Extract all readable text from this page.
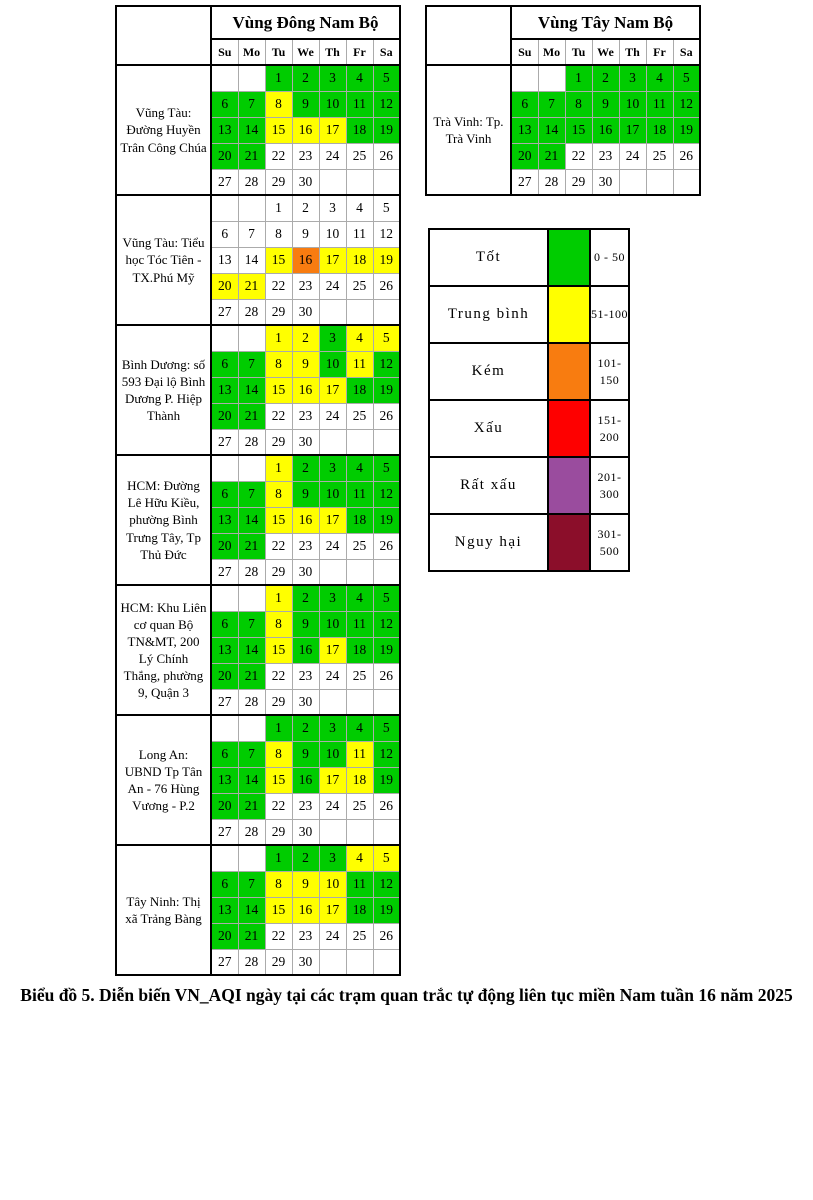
	Vùng Đông Nam Bộ						
	Su	Mo	Tu	We	Th	Fr	Sa
Vũng Tàu: Đường Huyền Trân Công Chúa			1	2	3	4	5
	6	7	8	9	10	11	12
	13	14	15	16	17	18	19
	20	21	22	23	24	25	26
	27	28	29	30			
Vũng Tàu: Tiểu học Tóc Tiên - TX.Phú Mỹ			1	2	3	4	5
	6	7	8	9	10	11	12
	13	14	15	16	17	18	19
	20	21	22	23	24	25	26
	27	28	29	30			
Bình Dương: số 593 Đại lộ Bình Dương P. Hiệp Thành			1	2	3	4	5
	6	7	8	9	10	11	12
	13	14	15	16	17	18	19
	20	21	22	23	24	25	26
	27	28	29	30			
HCM: Đường Lê Hữu Kiều, phường Bình Trưng Tây, Tp Thủ Đức			1	2	3	4	5
	6	7	8	9	10	11	12
	13	14	15	16	17	18	19
	20	21	22	23	24	25	26
	27	28	29	30			
HCM: Khu Liên cơ quan Bộ TN&MT, 200 Lý Chính Thắng, phường 9, Quận 3			1	2	3	4	5
	6	7	8	9	10	11	12
	13	14	15	16	17	18	19
	20	21	22	23	24	25	26
	27	28	29	30			
Long An: UBND Tp Tân An - 76 Hùng Vương - P.2			1	2	3	4	5
	6	7	8	9	10	11	12
	13	14	15	16	17	18	19
	20	21	22	23	24	25	26
	27	28	29	30			
Tây Ninh: Thị xã Trảng Bàng			1	2	3	4	5
	6	7	8	9	10	11	12
	13	14	15	16	17	18	19
	20	21	22	23	24	25	26
	27	28	29	30			
	Vùng Tây Nam Bộ						
	Su	Mo	Tu	We	Th	Fr	Sa
Trà Vinh: Tp. Trà Vinh			1	2	3	4	5
	6	7	8	9	10	11	12
	13	14	15	16	17	18	19
	20	21	22	23	24	25	26
	27	28	29	30			
Tốt		0 - 50
Trung bình		51-100
Kém		101-150
Xấu		151-200
Rất xấu		201-300
Nguy hại		301-500
Biểu đồ 5. Diễn biến VN_AQI ngày tại các trạm quan trắc tự động liên tục miền Nam tuần 16 năm 2025
